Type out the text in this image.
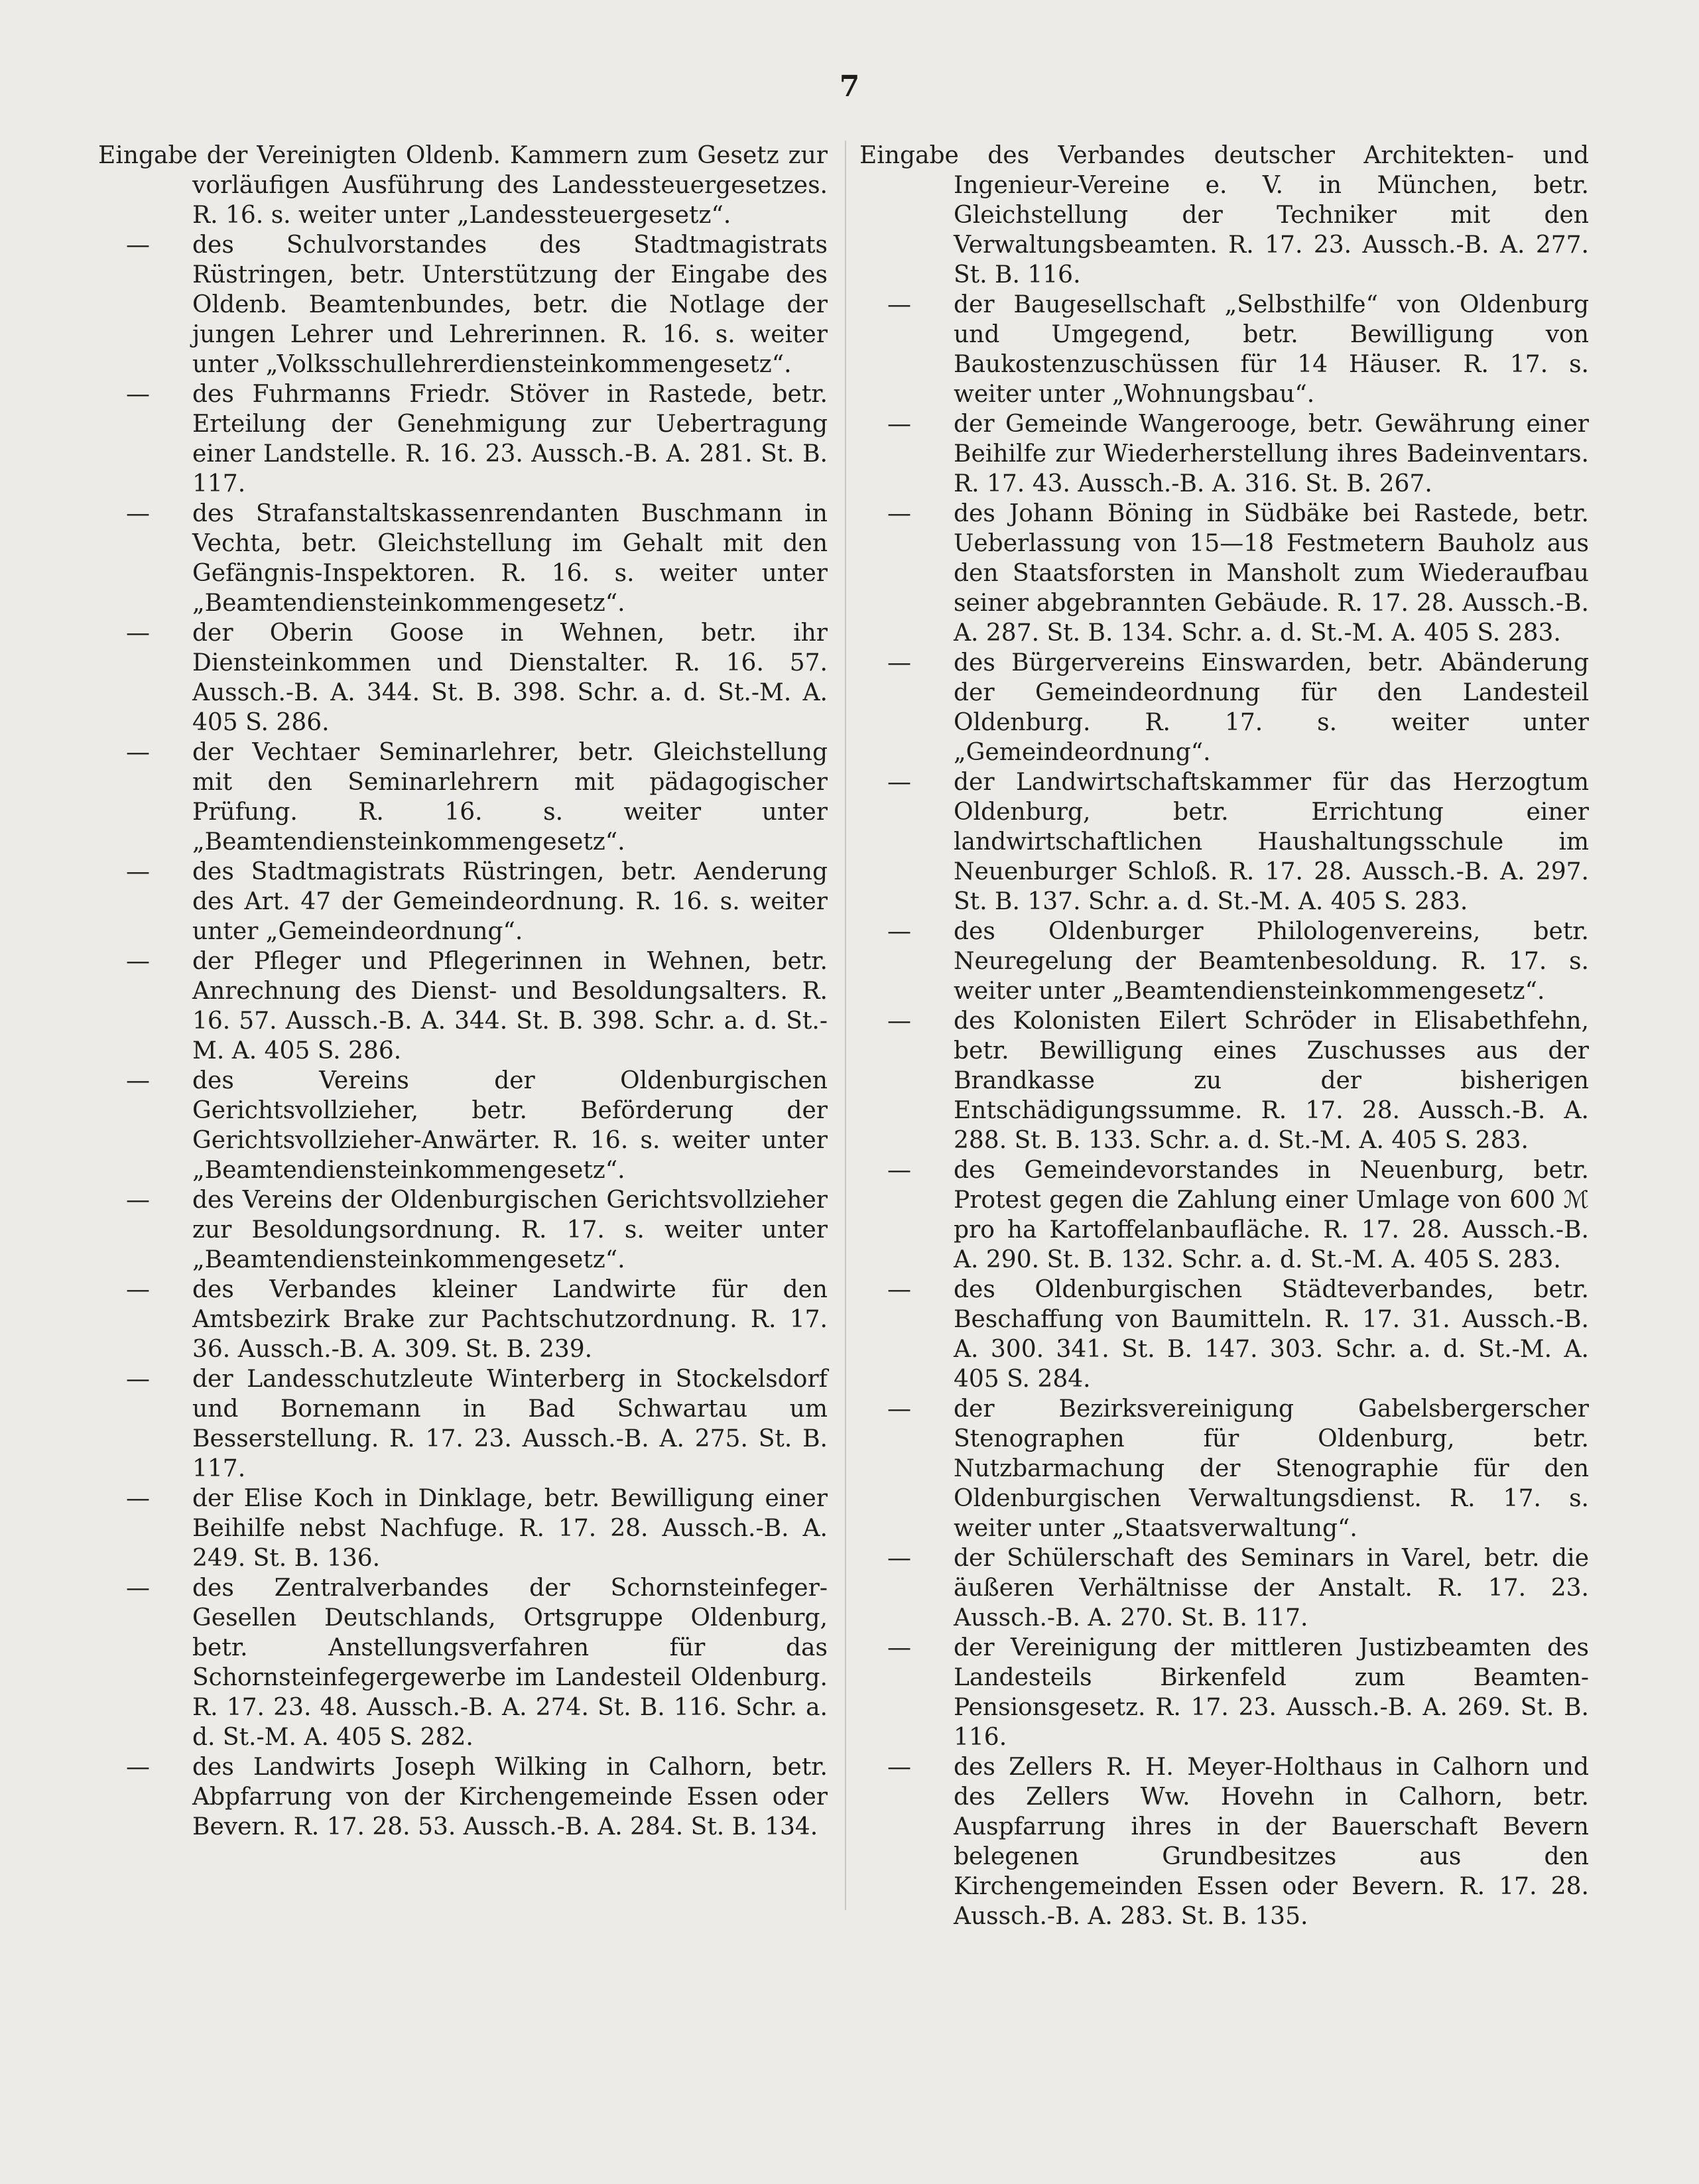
7

Eingabe der Vereinigten Oldenb. Kammern zum Gesetz zur vorläufigen Ausführung des Landessteuergesetzes. R. 16. s. weiter unter „Landessteuergesetz“.

— des Schulvorstandes des Stadtmagistrats Rüstringen, betr. Unterstützung der Eingabe des Oldenb. Beamtenbundes, betr. die Notlage der jungen Lehrer und Lehrerinnen. R. 16. s. weiter unter „Volksschullehrerdiensteinkommengesetz“.

— des Fuhrmanns Friedr. Stöver in Rastede, betr. Erteilung der Genehmigung zur Uebertragung einer Landstelle. R. 16. 23. Aussch.-B. A. 281. St. B. 117.

— des Strafanstaltskassenrendanten Buschmann in Vechta, betr. Gleichstellung im Gehalt mit den Gefängnis-Inspektoren. R. 16. s. weiter unter „Beamtendiensteinkommengesetz“.

— der Oberin Goose in Wehnen, betr. ihr Diensteinkommen und Dienstalter. R. 16. 57. Aussch.-B. A. 344. St. B. 398. Schr. a. d. St.-M. A. 405 S. 286.

— der Vechtaer Seminarlehrer, betr. Gleichstellung mit den Seminarlehrern mit pädagogischer Prüfung. R. 16. s. weiter unter „Beamtendiensteinkommengesetz“.

— des Stadtmagistrats Rüstringen, betr. Aenderung des Art. 47 der Gemeindeordnung. R. 16. s. weiter unter „Gemeindeordnung“.

— der Pfleger und Pflegerinnen in Wehnen, betr. Anrechnung des Dienst- und Besoldungsalters. R. 16. 57. Aussch.-B. A. 344. St. B. 398. Schr. a. d. St.-M. A. 405 S. 286.

— des Vereins der Oldenburgischen Gerichtsvollzieher, betr. Beförderung der Gerichtsvollzieher-Anwärter. R. 16. s. weiter unter „Beamtendiensteinkommengesetz“.

— des Vereins der Oldenburgischen Gerichtsvollzieher zur Besoldungsordnung. R. 17. s. weiter unter „Beamtendiensteinkommengesetz“.

— des Verbandes kleiner Landwirte für den Amtsbezirk Brake zur Pachtschutzordnung. R. 17. 36. Aussch.-B. A. 309. St. B. 239.

— der Landesschutzleute Winterberg in Stockelsdorf und Bornemann in Bad Schwartau um Besserstellung. R. 17. 23. Aussch.-B. A. 275. St. B. 117.

— der Elise Koch in Dinklage, betr. Bewilligung einer Beihilfe nebst Nachfuge. R. 17. 28. Aussch.-B. A. 249. St. B. 136.

— des Zentralverbandes der Schornsteinfeger-Gesellen Deutschlands, Ortsgruppe Oldenburg, betr. Anstellungsverfahren für das Schornsteinfegergewerbe im Landesteil Oldenburg. R. 17. 23. 48. Aussch.-B. A. 274. St. B. 116. Schr. a. d. St.-M. A. 405 S. 282.

— des Landwirts Joseph Wilking in Calhorn, betr. Abpfarrung von der Kirchengemeinde Essen oder Bevern. R. 17. 28. 53. Aussch.-B. A. 284. St. B. 134.

Eingabe des Verbandes deutscher Architekten- und Ingenieur-Vereine e. V. in München, betr. Gleichstellung der Techniker mit den Verwaltungsbeamten. R. 17. 23. Aussch.-B. A. 277. St. B. 116.

— der Baugesellschaft „Selbsthilfe“ von Oldenburg und Umgegend, betr. Bewilligung von Baukostenzuschüssen für 14 Häuser. R. 17. s. weiter unter „Wohnungsbau“.

— der Gemeinde Wangerooge, betr. Gewährung einer Beihilfe zur Wiederherstellung ihres Badeinventars. R. 17. 43. Aussch.-B. A. 316. St. B. 267.

— des Johann Böning in Südbäke bei Rastede, betr. Ueberlassung von 15—18 Festmetern Bauholz aus den Staatsforsten in Mansholt zum Wiederaufbau seiner abgebrannten Gebäude. R. 17. 28. Aussch.-B. A. 287. St. B. 134. Schr. a. d. St.-M. A. 405 S. 283.

— des Bürgervereins Einswarden, betr. Abänderung der Gemeindeordnung für den Landesteil Oldenburg. R. 17. s. weiter unter „Gemeindeordnung“.

— der Landwirtschaftskammer für das Herzogtum Oldenburg, betr. Errichtung einer landwirtschaftlichen Haushaltungsschule im Neuenburger Schloß. R. 17. 28. Aussch.-B. A. 297. St. B. 137. Schr. a. d. St.-M. A. 405 S. 283.

— des Oldenburger Philologenvereins, betr. Neuregelung der Beamtenbesoldung. R. 17. s. weiter unter „Beamtendiensteinkommengesetz“.

— des Kolonisten Eilert Schröder in Elisabethfehn, betr. Bewilligung eines Zuschusses aus der Brandkasse zu der bisherigen Entschädigungssumme. R. 17. 28. Aussch.-B. A. 288. St. B. 133. Schr. a. d. St.-M. A. 405 S. 283.

— des Gemeindevorstandes in Neuenburg, betr. Protest gegen die Zahlung einer Umlage von 600 ℳ pro ha Kartoffelanbaufläche. R. 17. 28. Aussch.-B. A. 290. St. B. 132. Schr. a. d. St.-M. A. 405 S. 283.

— des Oldenburgischen Städteverbandes, betr. Beschaffung von Baumitteln. R. 17. 31. Aussch.-B. A. 300. 341. St. B. 147. 303. Schr. a. d. St.-M. A. 405 S. 284.

— der Bezirksvereinigung Gabelsbergerscher Stenographen für Oldenburg, betr. Nutzbarmachung der Stenographie für den Oldenburgischen Verwaltungsdienst. R. 17. s. weiter unter „Staatsverwaltung“.

— der Schülerschaft des Seminars in Varel, betr. die äußeren Verhältnisse der Anstalt. R. 17. 23. Aussch.-B. A. 270. St. B. 117.

— der Vereinigung der mittleren Justizbeamten des Landesteils Birkenfeld zum Beamten-Pensionsgesetz. R. 17. 23. Aussch.-B. A. 269. St. B. 116.

— des Zellers R. H. Meyer-Holthaus in Calhorn und des Zellers Ww. Hovehn in Calhorn, betr. Auspfarrung ihres in der Bauerschaft Bevern belegenen Grundbesitzes aus den Kirchengemeinden Essen oder Bevern. R. 17. 28. Aussch.-B. A. 283. St. B. 135.
